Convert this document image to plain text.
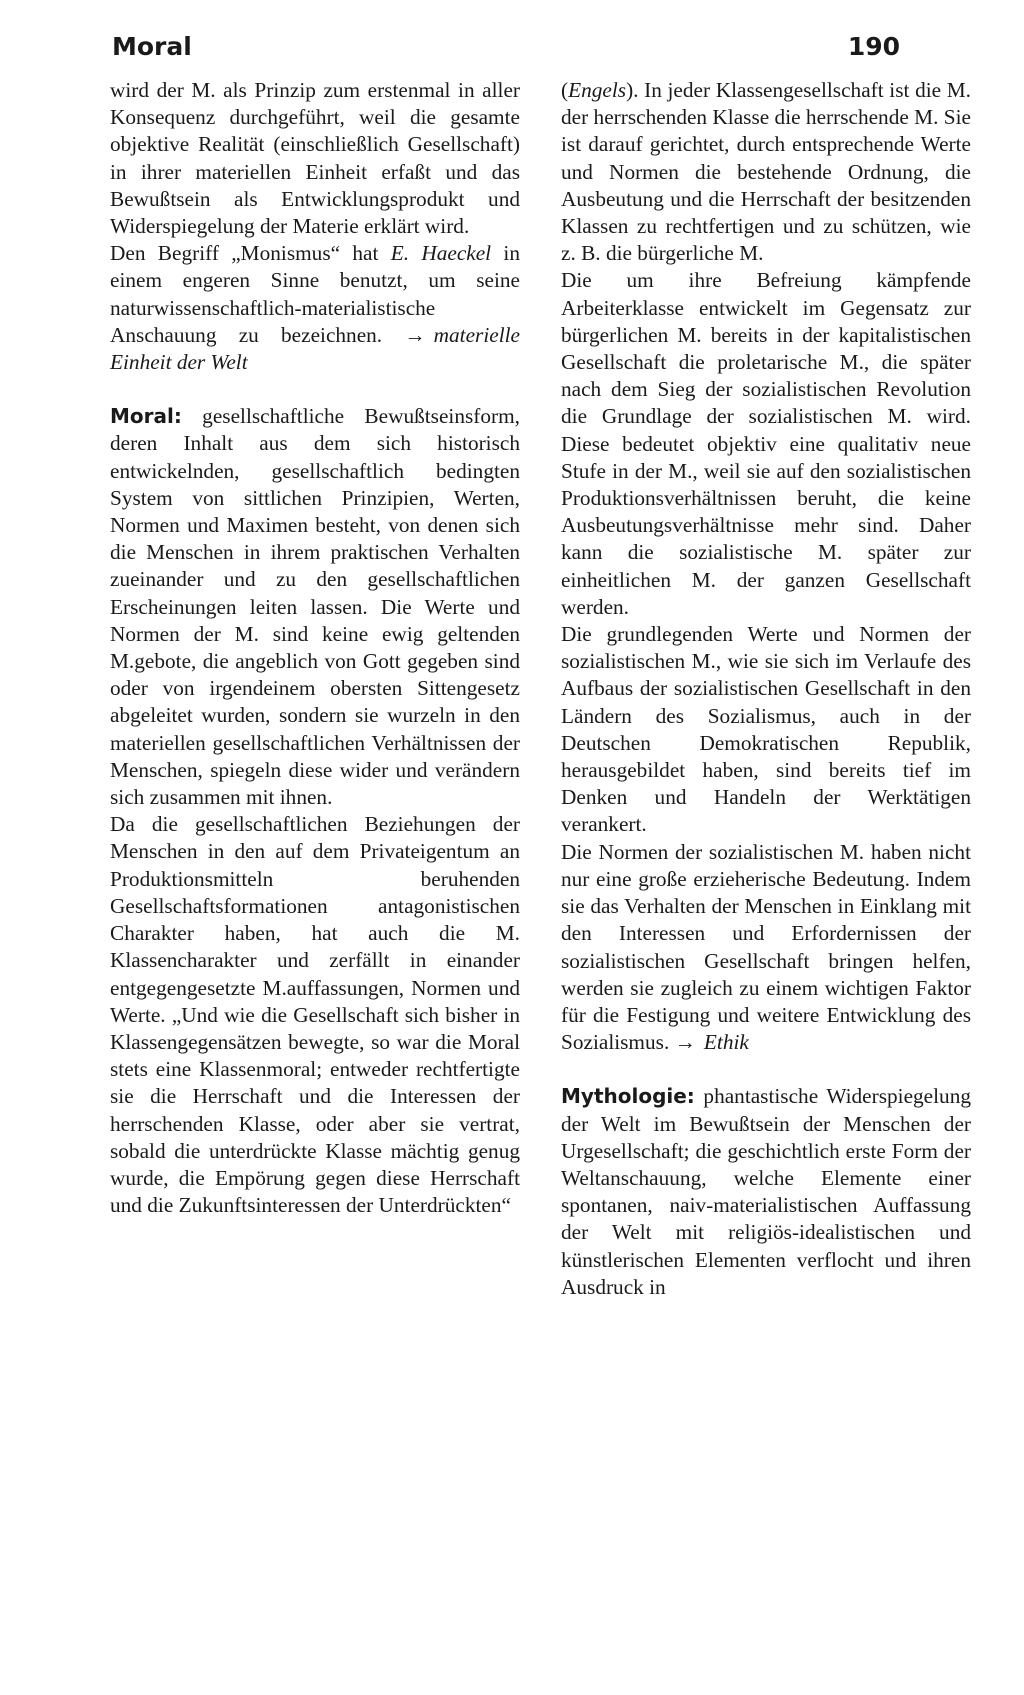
Moral	190

wird der M. als Prinzip zum erstenmal in aller Konsequenz durchgeführt, weil die gesamte objektive Realität (einschließlich Gesellschaft) in ihrer materiellen Einheit erfaßt und das Bewußtsein als Entwicklungsprodukt und Widerspiegelung der Materie erklärt wird.

Den Begriff „Monismus“ hat E. Haeckel in einem engeren Sinne benutzt, um seine naturwissenschaftlich-materialistische Anschauung zu bezeichnen. → materielle Einheit der Welt

Moral: gesellschaftliche Bewußtseinsform, deren Inhalt aus dem sich historisch entwickelnden, gesellschaftlich bedingten System von sittlichen Prinzipien, Werten, Normen und Maximen besteht, von denen sich die Menschen in ihrem praktischen Verhalten zueinander und zu den gesellschaftlichen Erscheinungen leiten lassen. Die Werte und Normen der M. sind keine ewig geltenden M.gebote, die angeblich von Gott gegeben sind oder von irgendeinem obersten Sittengesetz abgeleitet wurden, sondern sie wurzeln in den materiellen gesellschaftlichen Verhältnissen der Menschen, spiegeln diese wider und verändern sich zusammen mit ihnen.

Da die gesellschaftlichen Beziehungen der Menschen in den auf dem Privateigentum an Produktionsmitteln beruhenden Gesellschaftsformationen antagonistischen Charakter haben, hat auch die M. Klassencharakter und zerfällt in einander entgegengesetzte M.auffassungen, Normen und Werte. „Und wie die Gesellschaft sich bisher in Klassengegensätzen bewegte, so war die Moral stets eine Klassenmoral; entweder rechtfertigte sie die Herrschaft und die Interessen der herrschenden Klasse, oder aber sie vertrat, sobald die unterdrückte Klasse mächtig genug wurde, die Empörung gegen diese Herrschaft und die Zukunftsinteressen der Unterdrückten“

(Engels). In jeder Klassengesellschaft ist die M. der herrschenden Klasse die herrschende M. Sie ist darauf gerichtet, durch entsprechende Werte und Normen die bestehende Ordnung, die Ausbeutung und die Herrschaft der besitzenden Klassen zu rechtfertigen und zu schützen, wie z. B. die bürgerliche M.

Die um ihre Befreiung kämpfende Arbeiterklasse entwickelt im Gegensatz zur bürgerlichen M. bereits in der kapitalistischen Gesellschaft die proletarische M., die später nach dem Sieg der sozialistischen Revolution die Grundlage der sozialistischen M. wird. Diese bedeutet objektiv eine qualitativ neue Stufe in der M., weil sie auf den sozialistischen Produktionsverhältnissen beruht, die keine Ausbeutungsverhältnisse mehr sind. Daher kann die sozialistische M. später zur einheitlichen M. der ganzen Gesellschaft werden.

Die grundlegenden Werte und Normen der sozialistischen M., wie sie sich im Verlaufe des Aufbaus der sozialistischen Gesellschaft in den Ländern des Sozialismus, auch in der Deutschen Demokratischen Republik, herausgebildet haben, sind bereits tief im Denken und Handeln der Werktätigen verankert.

Die Normen der sozialistischen M. haben nicht nur eine große erzieherische Bedeutung. Indem sie das Verhalten der Menschen in Einklang mit den Interessen und Erfordernissen der sozialistischen Gesellschaft bringen helfen, werden sie zugleich zu einem wichtigen Faktor für die Festigung und weitere Entwicklung des Sozialismus. → Ethik

Mythologie: phantastische Widerspiegelung der Welt im Bewußtsein der Menschen der Urgesellschaft; die geschichtlich erste Form der Weltanschauung, welche Elemente einer spontanen, naiv-materialistischen Auffassung der Welt mit religiös-idealistischen und künstlerischen Elementen verflocht und ihren Ausdruck in
